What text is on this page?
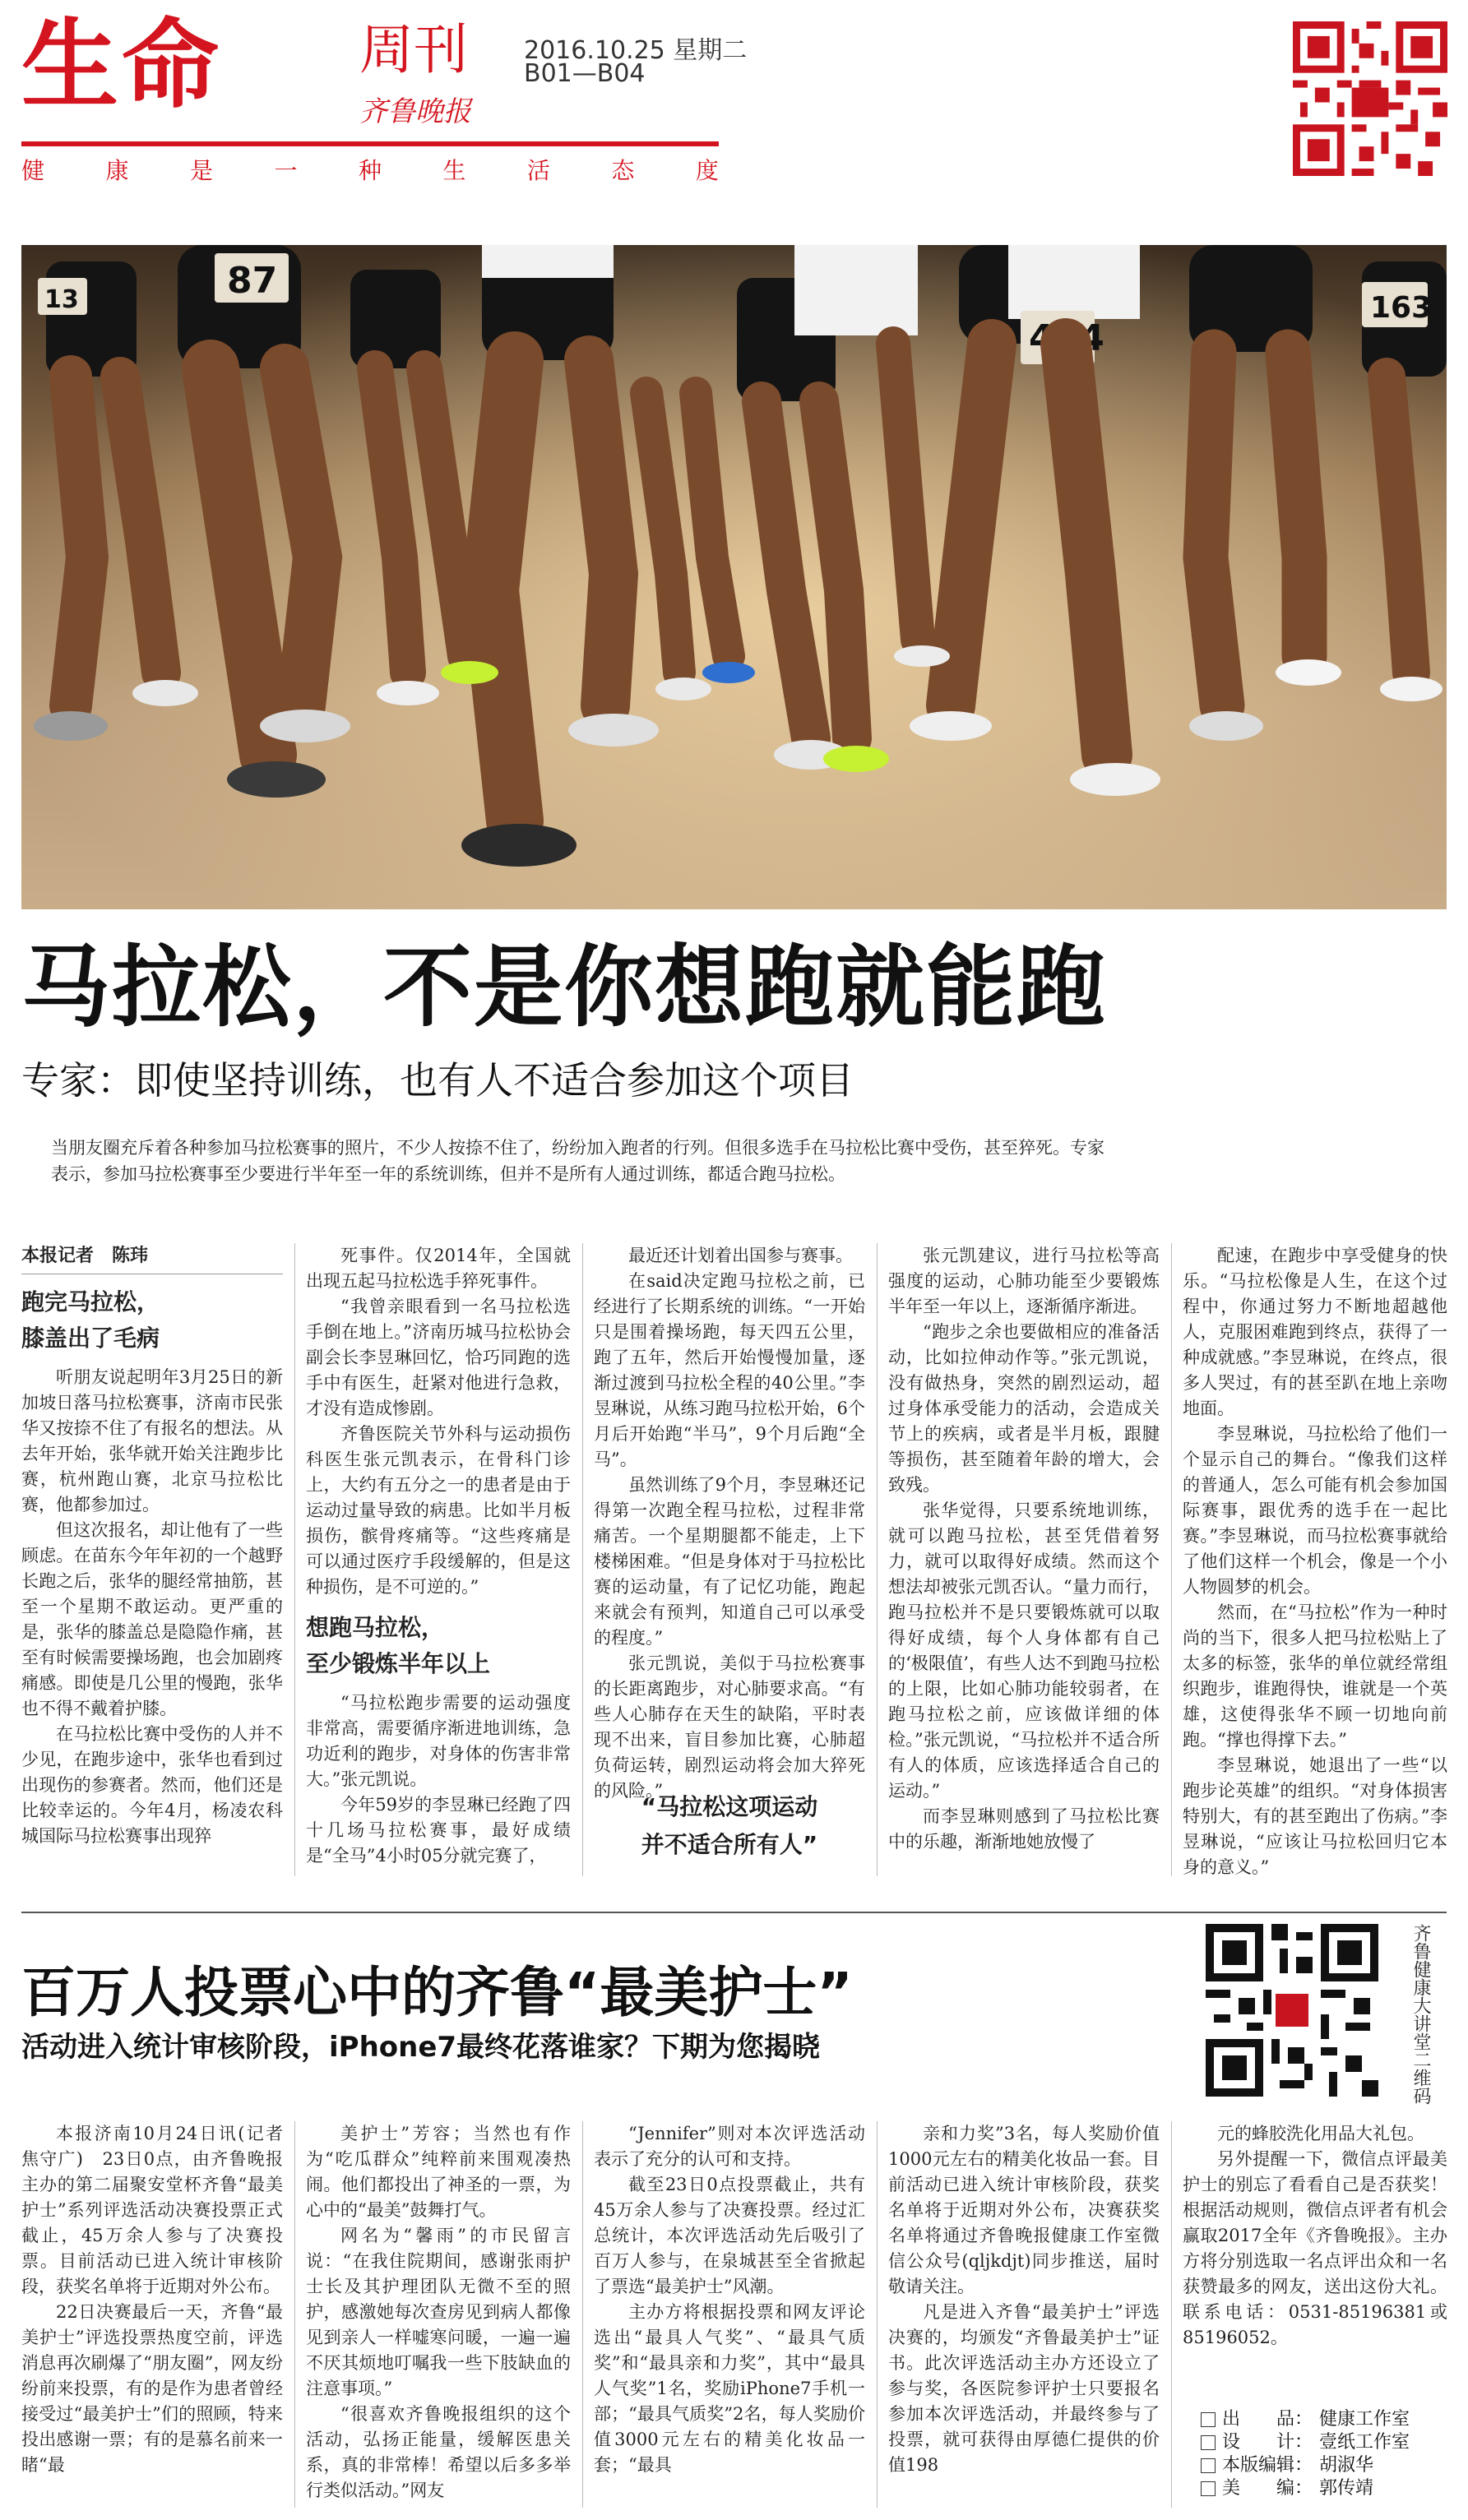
生命	周刊
齐鲁晚报
2016.10.25 星期二
B01—B04
健	康	是	一	种	生	活	态	度
87
464
163
13
马拉松，不是你想跑就能跑
专家：即使坚持训练，也有人不适合参加这个项目
当朋友圈充斥着各种参加马拉松赛事的照片，不少人按捺不住了，纷纷加入跑者的行列。但很多选手在马拉松比赛中受伤，甚至猝死。专家表示，参加马拉松赛事至少要进行半年至一年的系统训练，但并不是所有人通过训练，都适合跑马拉松。
本报记者　陈玮
跑完马拉松，
膝盖出了毛病

听朋友说起明年3月25日的新加坡日落马拉松赛事，济南市民张华又按捺不住了有报名的想法。从去年开始，张华就开始关注跑步比赛，杭州跑山赛，北京马拉松比赛，他都参加过。

但这次报名，却让他有了一些顾虑。在苗东今年年初的一个越野长跑之后，张华的腿经常抽筋，甚至一个星期不敢运动。更严重的是，张华的膝盖总是隐隐作痛，甚至有时候需要操场跑，也会加剧疼痛感。即使是几公里的慢跑，张华也不得不戴着护膝。

在马拉松比赛中受伤的人并不少见，在跑步途中，张华也看到过出现伤的参赛者。然而，他们还是比较幸运的。今年4月，杨凌农科城国际马拉松赛事出现猝

死事件。仅2014年，全国就出现五起马拉松选手猝死事件。

“我曾亲眼看到一名马拉松选手倒在地上。”济南历城马拉松协会副会长李昱琳回忆，恰巧同跑的选手中有医生，赶紧对他进行急救，才没有造成惨剧。

齐鲁医院关节外科与运动损伤科医生张元凯表示，在骨科门诊上，大约有五分之一的患者是由于运动过量导致的病患。比如半月板损伤，髌骨疼痛等。“这些疼痛是可以通过医疗手段缓解的，但是这种损伤，是不可逆的。”

想跑马拉松，
至少锻炼半年以上

“马拉松跑步需要的运动强度非常高，需要循序渐进地训练，急功近利的跑步，对身体的伤害非常大。”张元凯说。

今年59岁的李昱琳已经跑了四十几场马拉松赛事，最好成绩是“全马”4小时05分就完赛了，

最近还计划着出国参与赛事。

在said决定跑马拉松之前，已经进行了长期系统的训练。“一开始只是围着操场跑，每天四五公里，跑了五年，然后开始慢慢加量，逐渐过渡到马拉松全程的40公里。”李昱琳说，从练习跑马拉松开始，6个月后开始跑“半马”，9个月后跑“全马”。

虽然训练了9个月，李昱琳还记得第一次跑全程马拉松，过程非常痛苦。一个星期腿都不能走，上下楼梯困难。“但是身体对于马拉松比赛的运动量，有了记忆功能，跑起来就会有预判，知道自己可以承受的程度。”

张元凯说，美似于马拉松赛事的长距离跑步，对心肺要求高。“有些人心肺存在天生的缺陷，平时表现不出来，盲目参加比赛，心肺超负荷运转，剧烈运动将会加大猝死的风险。”

“马拉松这项运动
并不适合所有人”

张元凯建议，进行马拉松等高强度的运动，心肺功能至少要锻炼半年至一年以上，逐渐循序渐进。

“跑步之余也要做相应的准备活动，比如拉伸动作等。”张元凯说，没有做热身，突然的剧烈运动，超过身体承受能力的活动，会造成关节上的疾病，或者是半月板，跟腱等损伤，甚至随着年龄的增大，会致残。

张华觉得，只要系统地训练，就可以跑马拉松，甚至凭借着努力，就可以取得好成绩。然而这个想法却被张元凯否认。“量力而行，跑马拉松并不是只要锻炼就可以取得好成绩，每个人身体都有自己的‘极限值’，有些人达不到跑马拉松的上限，比如心肺功能较弱者，在跑马拉松之前，应该做详细的体检。”张元凯说，“马拉松并不适合所有人的体质，应该选择适合自己的运动。”

而李昱琳则感到了马拉松比赛中的乐趣，渐渐地她放慢了

配速，在跑步中享受健身的快乐。“马拉松像是人生，在这个过程中，你通过努力不断地超越他人，克服困难跑到终点，获得了一种成就感。”李昱琳说，在终点，很多人哭过，有的甚至趴在地上亲吻地面。

李昱琳说，马拉松给了他们一个显示自己的舞台。“像我们这样的普通人，怎么可能有机会参加国际赛事，跟优秀的选手在一起比赛。”李昱琳说，而马拉松赛事就给了他们这样一个机会，像是一个小人物圆梦的机会。

然而，在“马拉松”作为一种时尚的当下，很多人把马拉松贴上了太多的标签，张华的单位就经常组织跑步，谁跑得快，谁就是一个英雄，这使得张华不顾一切地向前跑。“撑也得撑下去。”

李昱琳说，她退出了一些“以跑步论英雄”的组织。“对身体损害特别大，有的甚至跑出了伤病。”李昱琳说，“应该让马拉松回归它本身的意义。”

百万人投票心中的齐鲁“最美护士”
活动进入统计审核阶段，iPhone7最终花落谁家？下期为您揭晓	齐鲁健康大讲堂二维码

本报济南10月24日讯(记者 焦守广)　23日0点，由齐鲁晚报主办的第二届聚安堂杯齐鲁“最美护士”系列评选活动决赛投票正式截止，45万余人参与了决赛投票。目前活动已进入统计审核阶段，获奖名单将于近期对外公布。

22日决赛最后一天，齐鲁“最美护士”评选投票热度空前，评选消息再次刷爆了“朋友圈”，网友纷纷前来投票，有的是作为患者曾经接受过“最美护士”们的照顾，特来投出感谢一票；有的是慕名前来一睹“最

美护士”芳容；当然也有作为“吃瓜群众”纯粹前来围观凑热闹。他们都投出了神圣的一票，为心中的“最美”鼓舞打气。

网名为“馨雨”的市民留言说：“在我住院期间，感谢张雨护士长及其护理团队无微不至的照护，感激她每次查房见到病人都像见到亲人一样嘘寒问暖，一遍一遍不厌其烦地叮嘱我一些下肢缺血的注意事项。”

“很喜欢齐鲁晚报组织的这个活动，弘扬正能量，缓解医患关系，真的非常棒！希望以后多多举行类似活动。”网友

“Jennifer”则对本次评选活动表示了充分的认可和支持。

截至23日0点投票截止，共有45万余人参与了决赛投票。经过汇总统计，本次评选活动先后吸引了百万人参与，在泉城甚至全省掀起了票选“最美护士”风潮。

主办方将根据投票和网友评论选出“最具人气奖”、“最具气质奖”和“最具亲和力奖”，其中“最具人气奖”1名，奖励iPhone7手机一部；“最具气质奖”2名，每人奖励价值3000元左右的精美化妆品一套；“最具

亲和力奖”3名，每人奖励价值1000元左右的精美化妆品一套。目前活动已进入统计审核阶段，获奖名单将于近期对外公布，决赛获奖名单将通过齐鲁晚报健康工作室微信公众号(qljkdjt)同步推送，届时敬请关注。

凡是进入齐鲁“最美护士”评选决赛的，均颁发“齐鲁最美护士”证书。此次评选活动主办方还设立了参与奖，各医院参评护士只要报名参加本次评选活动，并最终参与了投票，就可获得由厚德仁提供的价值198

元的蜂胶洗化用品大礼包。

另外提醒一下，微信点评最美护士的别忘了看看自己是否获奖！根据活动规则，微信点评者有机会赢取2017全年《齐鲁晚报》。主办方将分别选取一名点评出众和一名获赞最多的网友，送出这份大礼。联系电话：0531-85196381或85196052。

出　　品： 健康工作室
设　　计： 壹纸工作室
本版编辑： 胡淑华
美　　编： 郭传靖
